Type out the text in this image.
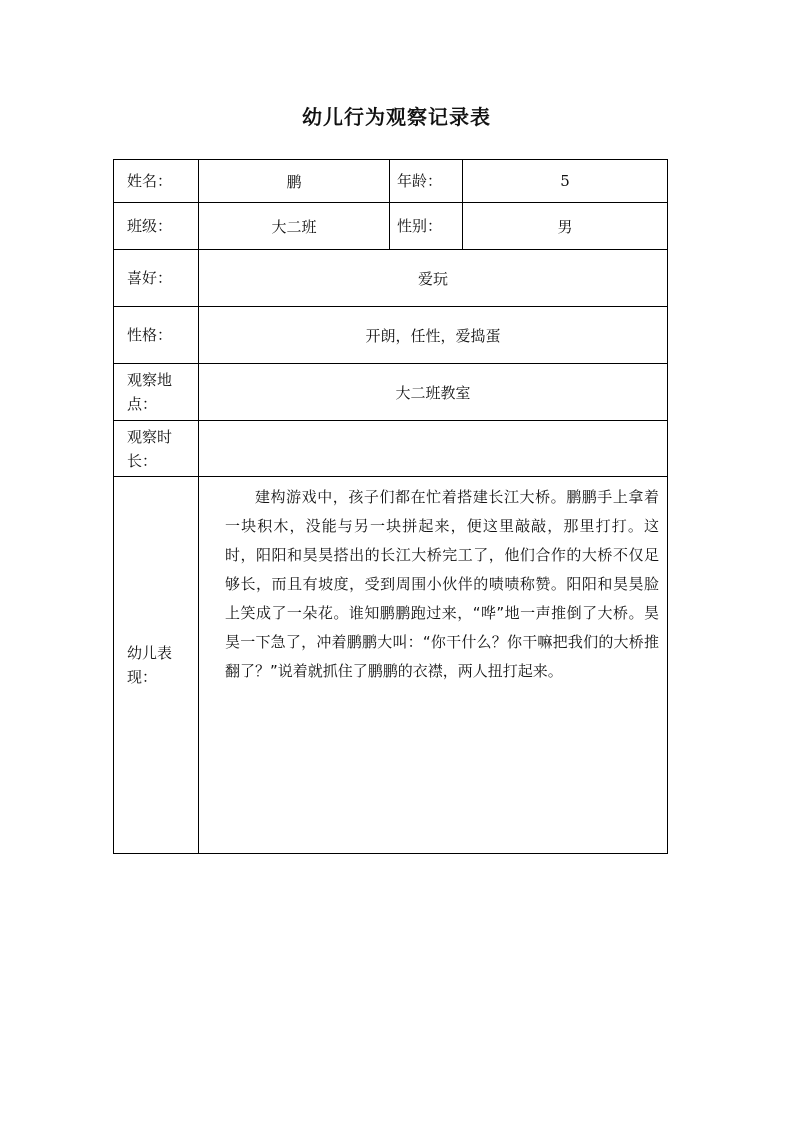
幼儿行为观察记录表
姓名：	鹏	年龄：	5
班级：	大二班	性别：	男
喜好：	爱玩		
性格：	开朗，任性，爱捣蛋		
观察地点：	大二班教室		
观察时长：			
幼儿表现：	建构游戏中，孩子们都在忙着搭建长江大桥。鹏鹏手上拿着一块积木，没能与另一块拼起来，便这里敲敲，那里打打。这时，阳阳和昊昊搭出的长江大桥完工了，他们合作的大桥不仅足够长，而且有坡度，受到周围小伙伴的啧啧称赞。阳阳和昊昊脸上笑成了一朵花。谁知鹏鹏跑过来，“哗”地一声推倒了大桥。昊昊一下急了，冲着鹏鹏大叫：“你干什么？你干嘛把我们的大桥推翻了？”说着就抓住了鹏鹏的衣襟，两人扭打起来。		
